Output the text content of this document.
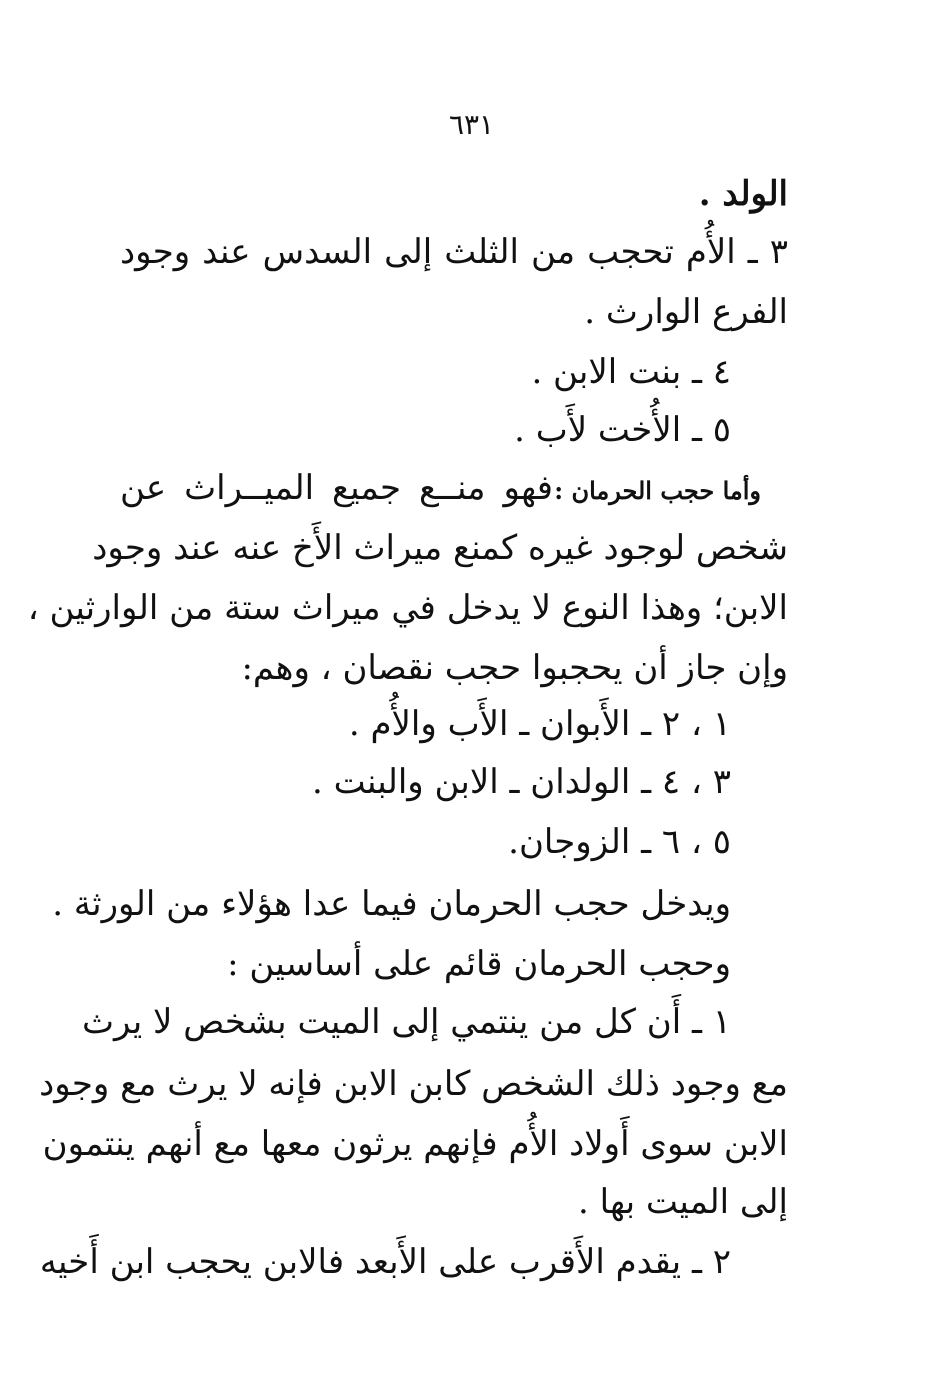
٦٣١
الولد .
٣ ـ الأُم تحجب من الثلث إلى السدس عند وجود
الفرع الوارث .
٤ ـ بنت الابن .
٥ ـ الأُخت لأَب .
وأما حجب الحرمان :
فهو منــع جميع الميــراث عن
شخص لوجود غيره كمنع ميراث الأَخ عنه عند وجود
الابن؛ وهذا النوع لا يدخل في ميراث ستة من الوارثين ،
وإن جاز أن يحجبوا حجب نقصان ، وهم:
١ ، ٢ ـ الأَبوان ـ الأَب والأُم .
٣ ، ٤ ـ الولدان ـ الابن والبنت .
٥ ، ٦ ـ الزوجان.
ويدخل حجب الحرمان فيما عدا هؤلاء من الورثة .
وحجب الحرمان قائم على أساسين :
١ ـ أَن كل من ينتمي إلى الميت بشخص لا يرث
مع وجود ذلك الشخص كابن الابن فإنه لا يرث مع وجود
الابن سوى أَولاد الأُم فإنهم يرثون معها مع أنهم ينتمون
إلى الميت بها .
٢ ـ يقدم الأَقرب على الأَبعد فالابن يحجب ابن أَخيه
